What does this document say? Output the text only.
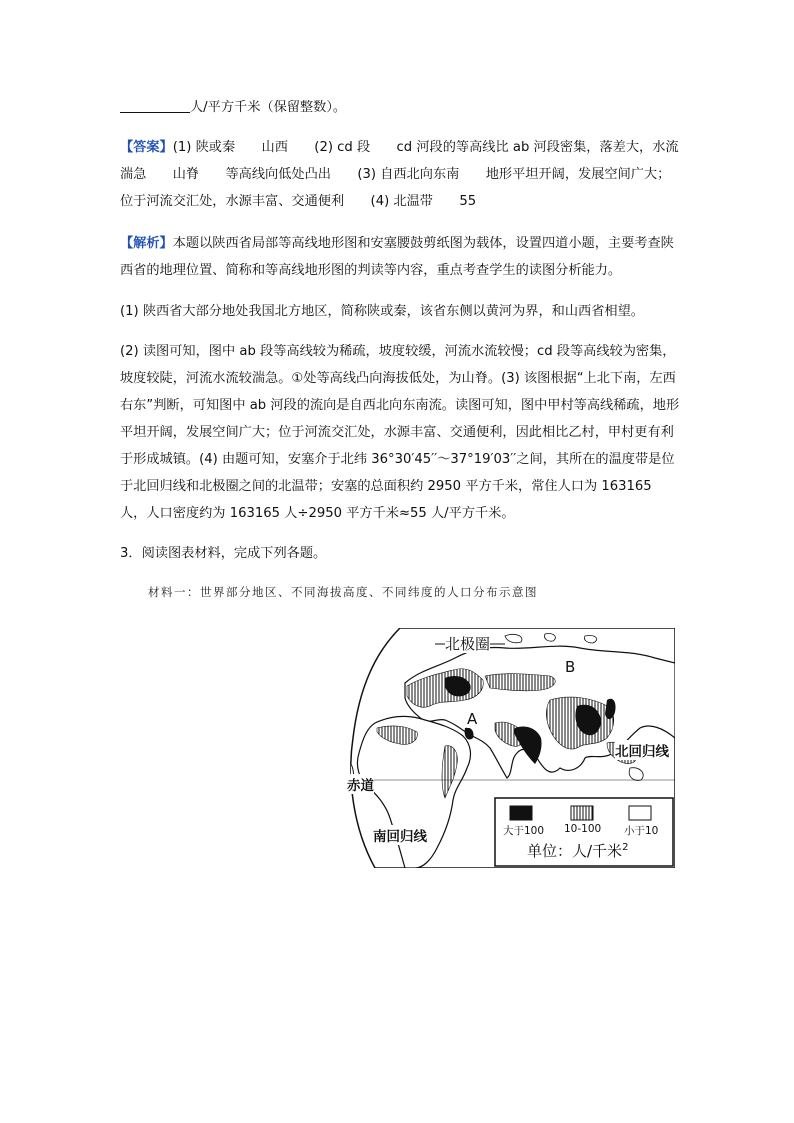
人/平方千米（保留整数）。

【答案】(1) 陕或秦　　山西　　(2) cd 段　　cd 河段的等高线比 ab 河段密集，落差大，水流湍急　　山脊　　等高线向低处凸出　　(3) 自西北向东南　　地形平坦开阔，发展空间广大；位于河流交汇处，水源丰富、交通便利　　(4) 北温带　　55

【解析】本题以陕西省局部等高线地形图和安塞腰鼓剪纸图为载体，设置四道小题，主要考查陕西省的地理位置、简称和等高线地形图的判读等内容，重点考查学生的读图分析能力。

(1) 陕西省大部分地处我国北方地区，简称陕或秦，该省东侧以黄河为界，和山西省相望。

(2) 读图可知，图中 ab 段等高线较为稀疏，坡度较缓，河流水流较慢；cd 段等高线较为密集，坡度较陡，河流水流较湍急。①处等高线凸向海拔低处，为山脊。(3) 该图根据“上北下南，左西右东”判断，可知图中 ab 河段的流向是自西北向东南流。读图可知，图中甲村等高线稀疏，地形平坦开阔，发展空间广大；位于河流交汇处，水源丰富、交通便利，因此相比乙村，甲村更有利于形成城镇。(4) 由题可知，安塞介于北纬 36°30′45′′～37°19′03′′之间，其所在的温度带是位于北回归线和北极圈之间的北温带；安塞的总面积约 2950 平方千米，常住人口为 163165 人，人口密度约为 163165 人÷2950 平方千米≈55 人/平方千米。

3．阅读图表材料，完成下列各题。

材料一：世界部分地区、不同海拔高度、不同纬度的人口分布示意图
北极圈
B
A
北回归线
赤道
南回归线	大于100 10-100 小于10
单位：人/千米$^2$
